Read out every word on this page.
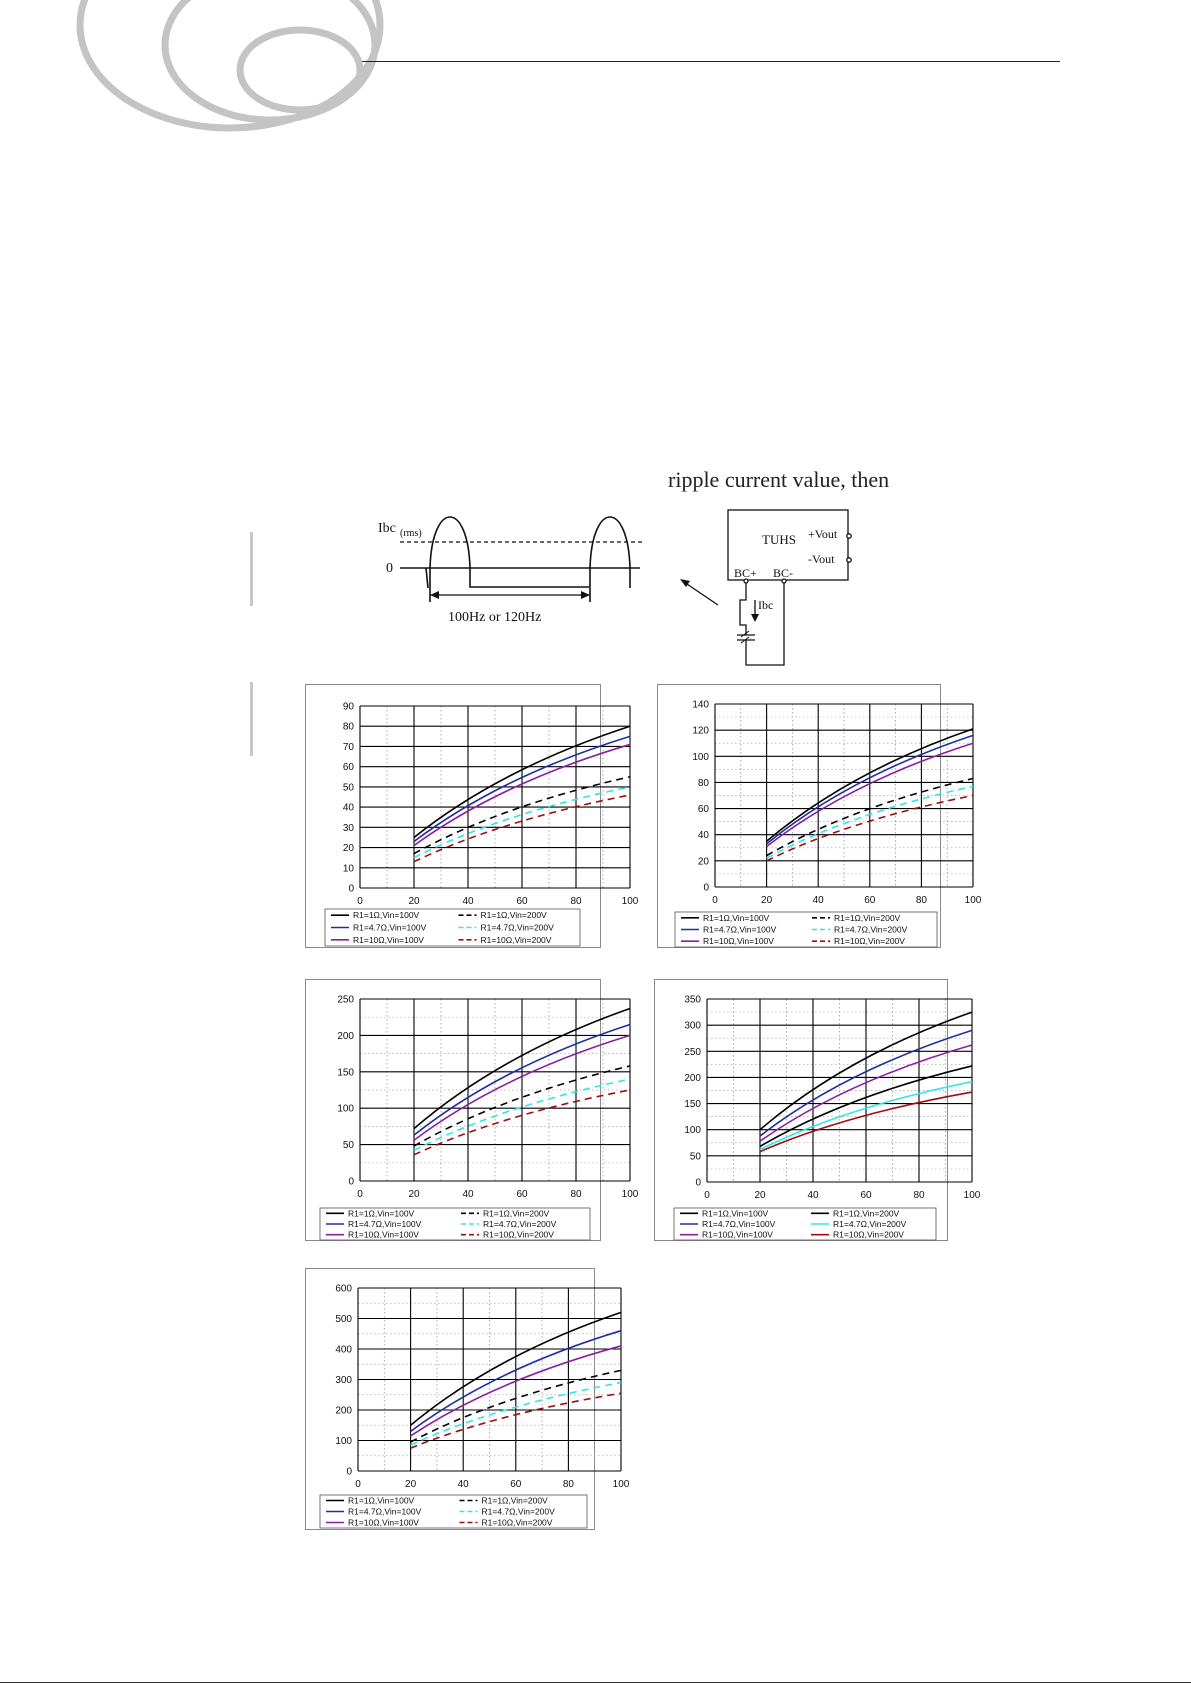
ripple current value, then
Ibc (rms)
0
100Hz or 120Hz
TUHS +Vout
-Vout
BC+ BC-
Ibc
0	20	40	60	80	100
0
10
20
30
40
50
60
70
80
90
R1=1Ω,Vin=100V	R1=1Ω,Vin=200V
R1=4.7Ω,Vin=100V	R1=4.7Ω,Vin=200V
R1=10Ω,Vin=100V	R1=10Ω,Vin=200V
0	20	40	60	80	100
0
20
40
60
80
100
120
140
R1=1Ω,Vin=100V	R1=1Ω,Vin=200V
R1=4.7Ω,Vin=100V	R1=4.7Ω,Vin=200V
R1=10Ω,Vin=100V	R1=10Ω,Vin=200V
0	20	40	60	80	100
0
50
100
150
200
250
R1=1Ω,Vin=100V	R1=1Ω,Vin=200V
R1=4.7Ω,Vin=100V	R1=4.7Ω,Vin=200V
R1=10Ω,Vin=100V	R1=10Ω,Vin=200V
0	20	40	60	80	100
0
50
100
150
200
250
300
350
R1=1Ω,Vin=100V	R1=1Ω,Vin=200V
R1=4.7Ω,Vin=100V	R1=4.7Ω,Vin=200V
R1=10Ω,Vin=100V	R1=10Ω,Vin=200V
0	20	40	60	80	100
0
100
200
300
400
500
600
R1=1Ω,Vin=100V	R1=1Ω,Vin=200V
R1=4.7Ω,Vin=100V	R1=4.7Ω,Vin=200V
R1=10Ω,Vin=100V	R1=10Ω,Vin=200V
